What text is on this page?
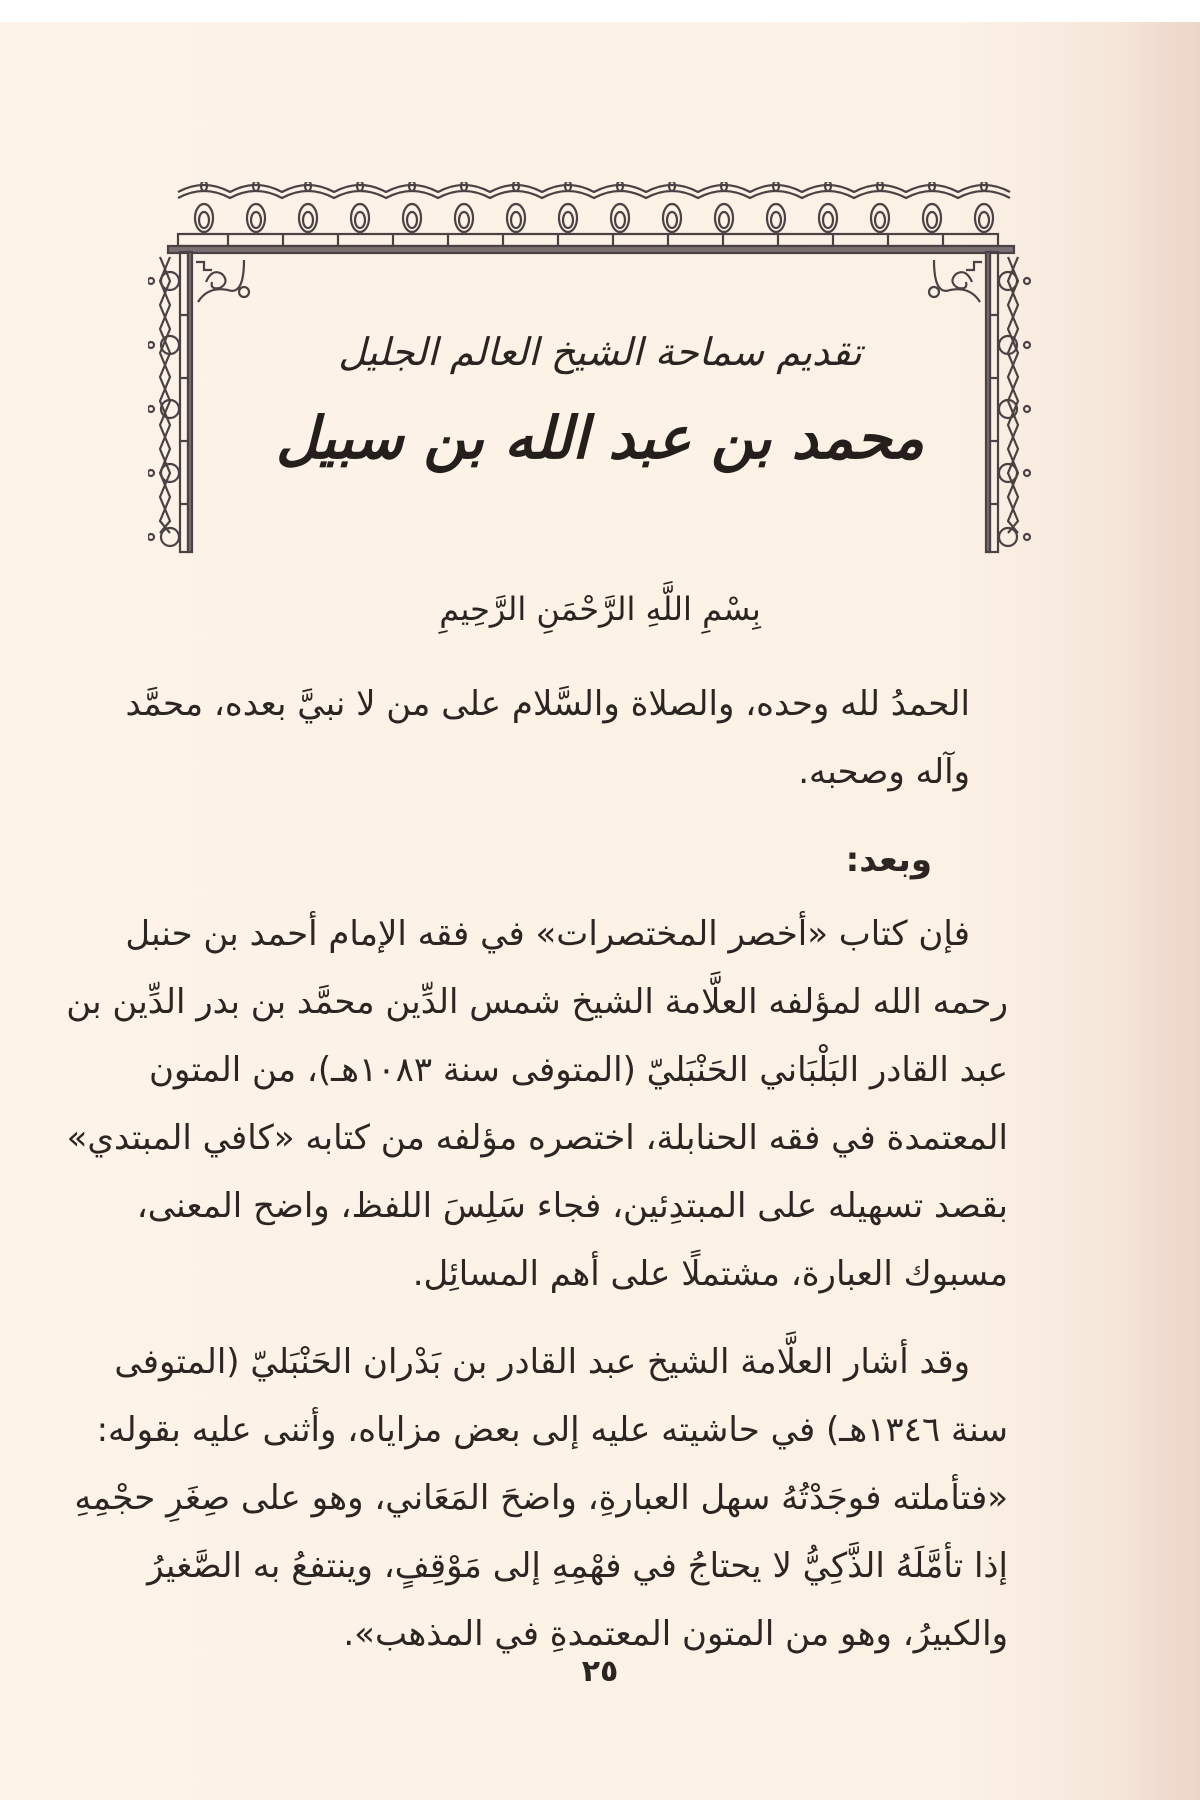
تقديم سماحة الشيخ العالم الجليل
محمد بن عبد الله بن سبيل
بِسْمِ اللَّهِ الرَّحْمَنِ الرَّحِيمِ

الحمدُ لله وحده، والصلاة والسَّلام على من لا نبيَّ بعده، محمَّد
وآله وصحبه.

وبعد:

فإن كتاب «أخصر المختصرات» في فقه الإمام أحمد بن حنبل
رحمه الله لمؤلفه العلَّامة الشيخ شمس الدِّين محمَّد بن بدر الدِّين بن
عبد القادر البَلْبَاني الحَنْبَليّ (المتوفى سنة ١٠٨٣هـ)، من المتون
المعتمدة في فقه الحنابلة، اختصره مؤلفه من كتابه «كافي المبتدي»
بقصد تسهيله على المبتدِئين، فجاء سَلِسَ اللفظ، واضح المعنى،
مسبوك العبارة، مشتملًا على أهم المسائِل.

وقد أشار العلَّامة الشيخ عبد القادر بن بَدْران الحَنْبَليّ (المتوفى
سنة ١٣٤٦هـ) في حاشيته عليه إلى بعض مزاياه، وأثنى عليه بقوله:
«فتأملته فوجَدْتُهُ سهل العبارةِ، واضحَ المَعَاني، وهو على صِغَرِ حجْمِهِ
إذا تأمَّلَهُ الذَّكِيُّ لا يحتاجُ في فهْمِهِ إلى مَوْقِفٍ، وينتفعُ به الصَّغيرُ
والكبيرُ، وهو من المتون المعتمدةِ في المذهب».

٢٥
